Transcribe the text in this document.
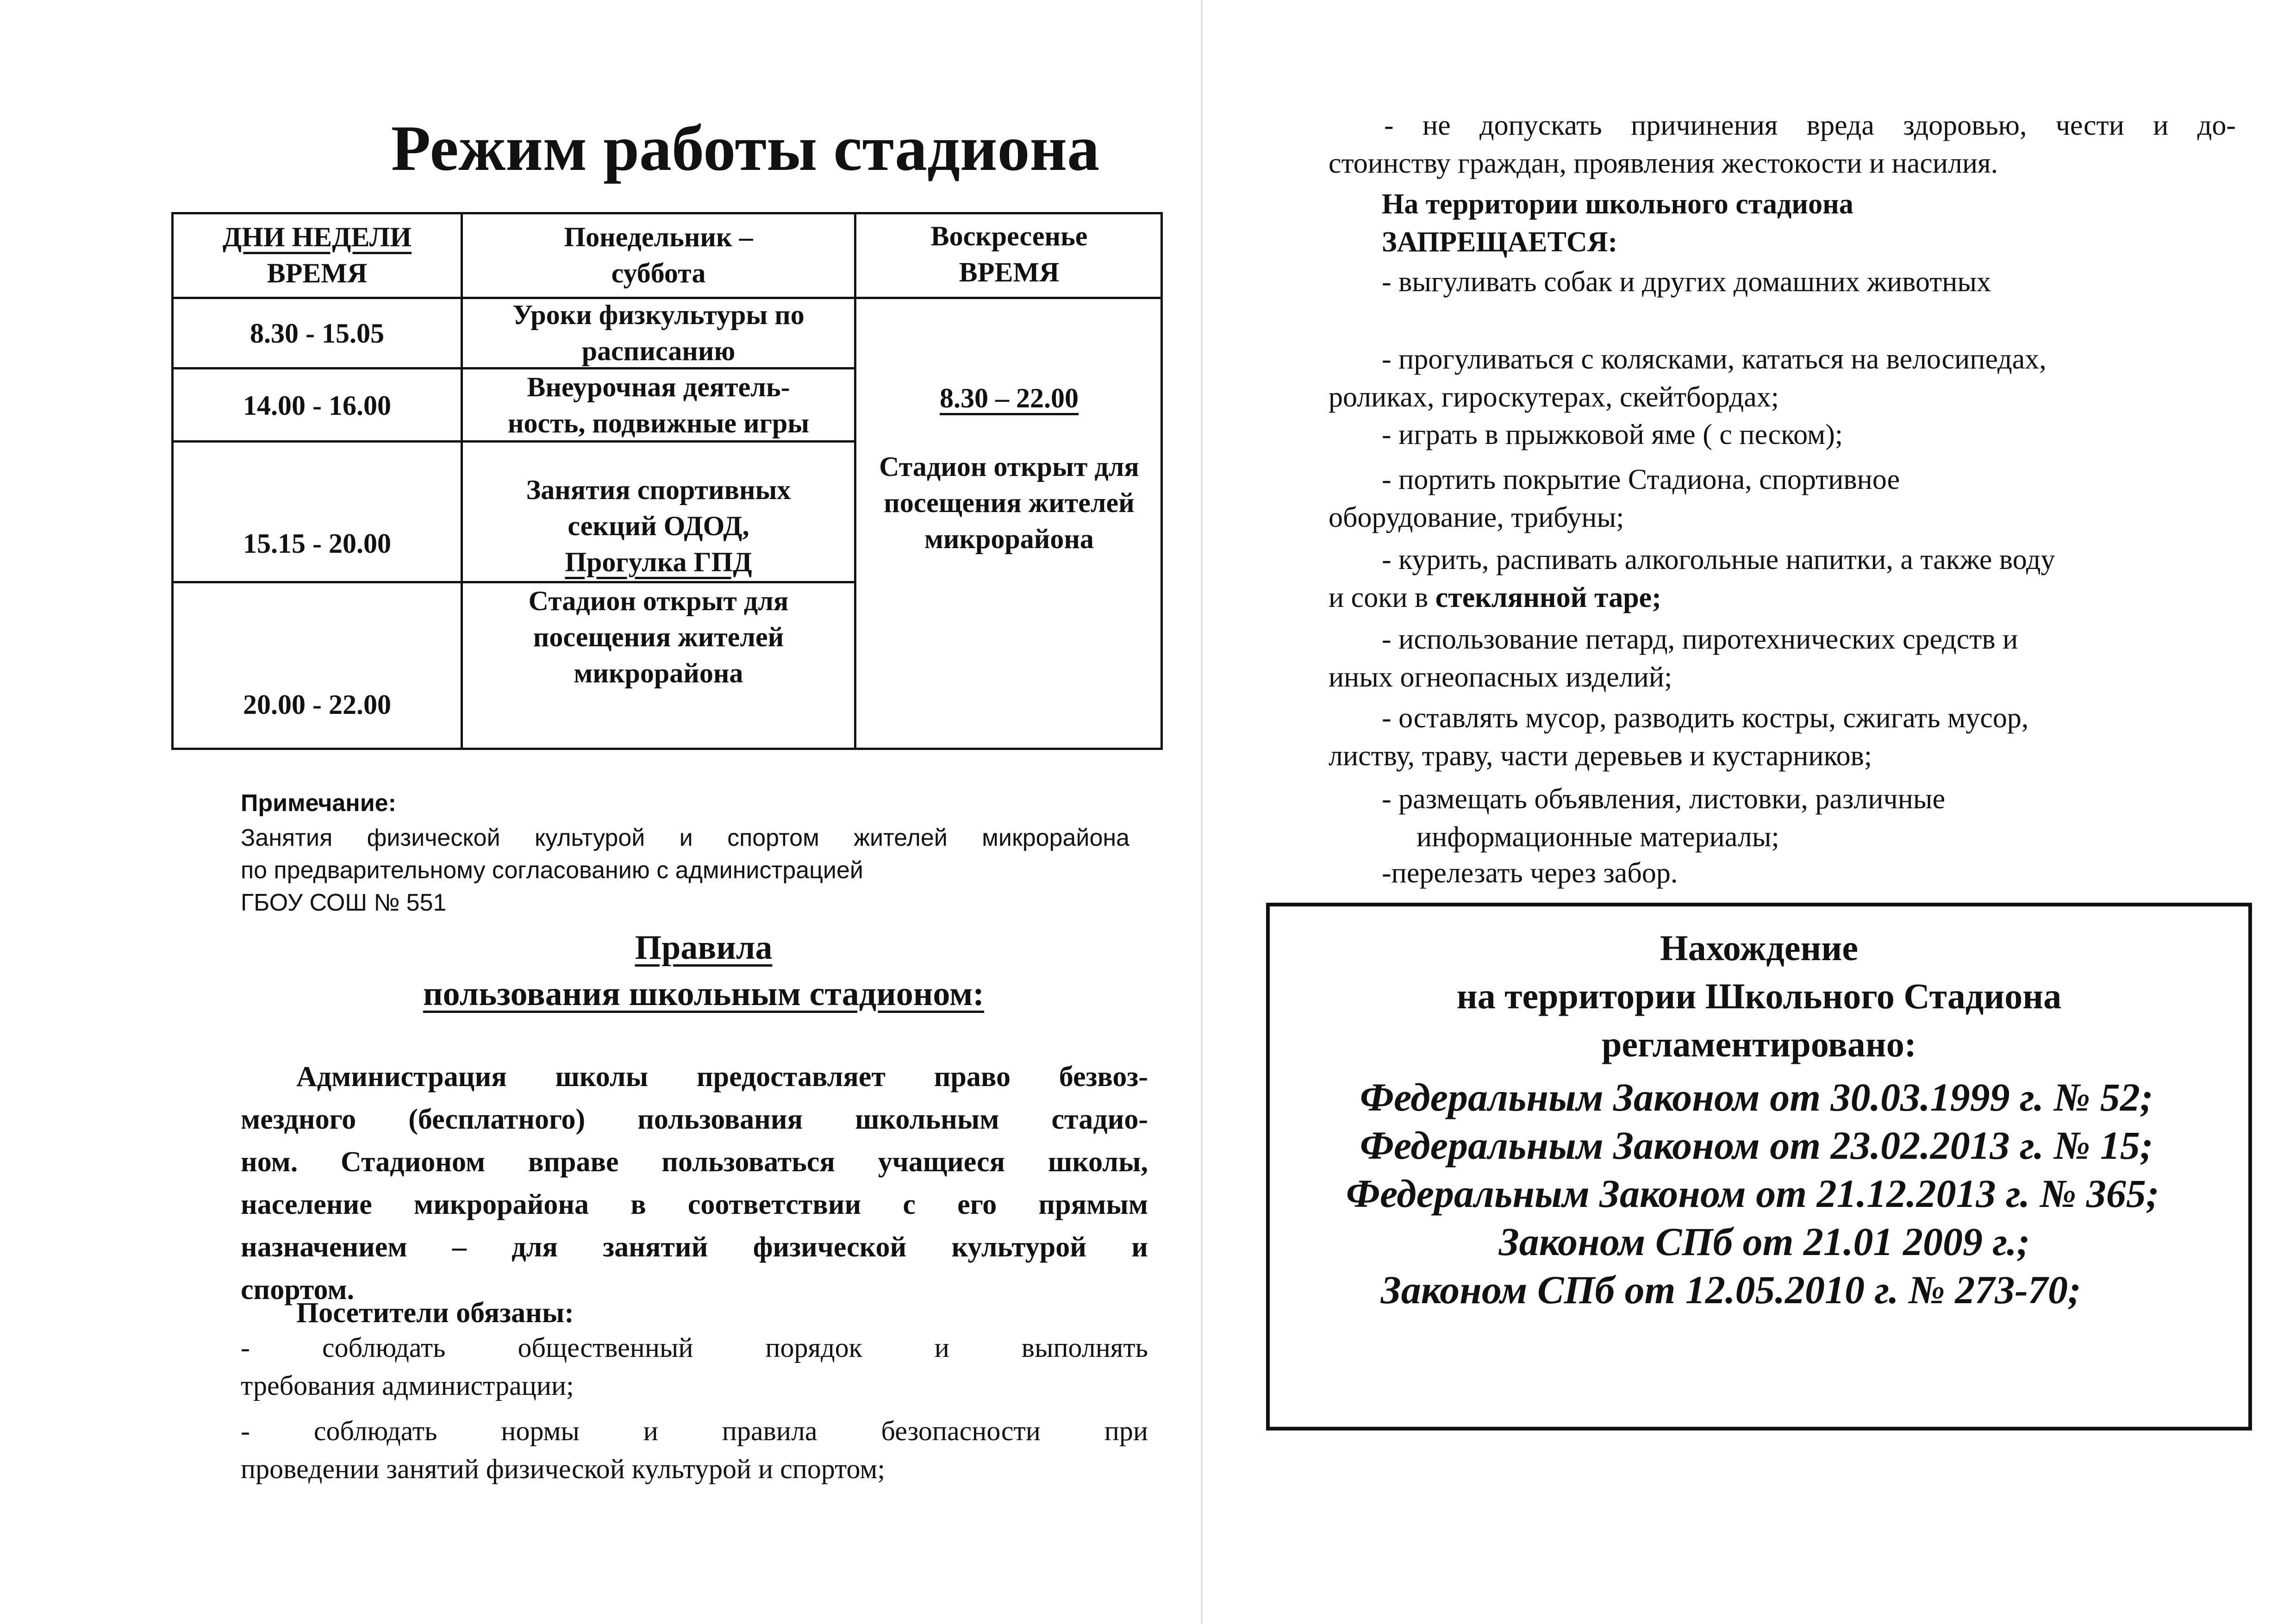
Режим работы стадиона
ДНИ НЕДЕЛИ
ВРЕМЯ
Понедельник –
суббота
Воскресенье
ВРЕМЯ
8.30 - 15.05
Уроки физкультуры по
расписанию
14.00 - 16.00
Внеурочная деятель-
ность, подвижные игры
15.15 - 20.00
Занятия спортивных
секций ОДОД,
Прогулка ГПД
20.00 - 22.00
Стадион открыт для
посещения жителей
микрорайона
8.30 – 22.00
Стадион открыт для
посещения жителей
микрорайона
Примечание:
Занятия физической культурой и спортом жителей микрорайона
по предварительному согласованию с администрацией
ГБОУ СОШ № 551
Правила
пользования школьным стадионом:
Администрация школы предоставляет право безвоз-
мездного (бесплатного) пользования школьным стадио-
ном. Стадионом вправе пользоваться учащиеся школы,
население микрорайона в соответствии с его прямым
назначением – для занятий физической культурой и
спортом.
Посетители обязаны:
- соблюдать общественный порядок и выполнять
требования администрации;
- соблюдать нормы и правила безопасности при
проведении занятий физической культурой и спортом;
- не допускать причинения вреда здоровью, чести и до-
стоинству граждан, проявления жестокости и насилия.
На территории школьного стадиона
ЗАПРЕЩАЕТСЯ:
- выгуливать собак и других домашних животных
- прогуливаться с колясками, кататься на велосипедах,
роликах, гироскутерах, скейтбордах;
- играть в прыжковой яме ( с песком);
- портить покрытие Стадиона, спортивное
оборудование, трибуны;
- курить, распивать алкогольные напитки, а также воду
и соки в стеклянной таре;
- использование петард, пиротехнических средств и
иных огнеопасных изделий;
- оставлять мусор, разводить костры, сжигать мусор,
листву, траву, части деревьев и кустарников;
- размещать объявления, листовки, различные
информационные материалы;
-перелезать через забор.
Нахождение
на территории Школьного Стадиона
регламентировано:
Федеральным Законом от 30.03.1999 г. № 52;
Федеральным Законом от 23.02.2013 г. № 15;
Федеральным Законом от 21.12.2013 г. № 365;
Законом СПб от 21.01 2009 г.;
Законом СПб от 12.05.2010 г. № 273-70;
